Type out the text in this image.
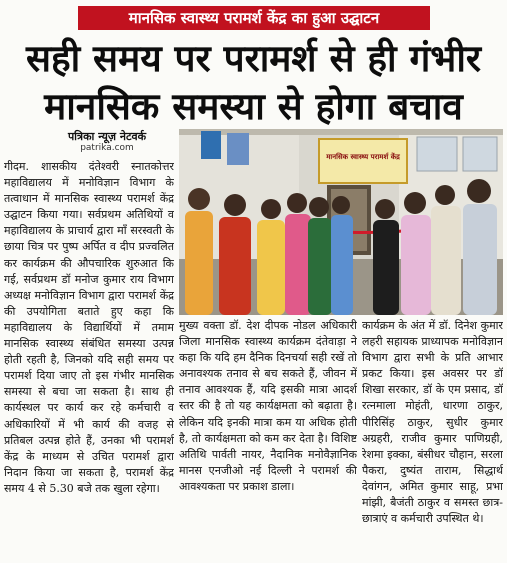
मानसिक स्वास्थ्य परामर्श केंद्र का हुआ उद्घाटन
सही समय पर परामर्श से ही गंभीर
मानसिक समस्या से होगा बचाव
पत्रिका न्यूज़ नेटवर्क
patrika.com

गीदम. शासकीय दंतेश्वरी स्नातकोत्तर महाविद्यालय में मनोविज्ञान विभाग के तत्वाधान में मानसिक स्वास्थ्य परामर्श केंद्र उद्घाटन किया गया। सर्वप्रथम अतिथियों व महाविद्यालय के प्राचार्य द्वारा माँ सरस्वती के छाया चित्र पर पुष्प अर्पित व दीप प्रज्वलित कर कार्यक्रम की औपचारिक शुरुआत कि गई, सर्वप्रथम डॉ मनोज कुमार राय विभाग अध्यक्ष मनोविज्ञान विभाग द्वारा परामर्श केंद्र की उपयोगिता बताते हुए कहा कि महाविद्यालय के विद्यार्थियों में तमाम मानसिक स्वास्थ्य संबंधित समस्या उत्पन्न होती रहती है, जिनको यदि सही समय पर परामर्श दिया जाए तो इस गंभीर मानसिक समस्या से बचा जा सकता है। साथ ही कार्यस्थल पर कार्य कर रहे कर्मचारी व अधिकारियों में भी कार्य की वजह से प्रतिबल उत्पन्न होते हैं, उनका भी परामर्श केंद्र के माध्यम से उचित परामर्श द्वारा निदान किया जा सकता है, परामर्श केंद्र समय 4 से 5.30 बजे तक खुला रहेगा।

मानसिक स्वास्थ्य परामर्श केंद्र

मुख्य वक्ता डॉ. देश दीपक नोडल अधिकारी जिला मानसिक स्वास्थ्य कार्यक्रम दंतेवाड़ा ने कहा कि यदि हम दैनिक दिनचर्या सही रखें तो अनावश्यक तनाव से बच सकते हैं, जीवन में तनाव आवश्यक हैं, यदि इसकी मात्रा आदर्श स्तर की है तो यह कार्यक्षमता को बढ़ाता है। लेकिन यदि इनकी मात्रा कम या अधिक होती है, तो कार्यक्षमता को कम कर देता है। विशिष्ट अतिथि पार्वती नायर, नैदानिक मनोवैज्ञानिक मानस एनजीओ नई दिल्ली ने परामर्श की आवश्यकता पर प्रकाश डाला।

कार्यक्रम के अंत में डॉ. दिनेश कुमार लहरी सहायक प्राध्यापक मनोविज्ञान विभाग द्वारा सभी के प्रति आभार प्रकट किया। इस अवसर पर डॉ शिखा सरकार, डॉ के एम प्रसाद, डॉ रत्नमाला मोहंती, धारणा ठाकुर, पीरिसिंह ठाकुर, सुधीर कुमार अग्रहरी, राजीव कुमार पाणिग्रही, रेशमा इक्का, बंसीधर चौहान, सरला पैकरा, दुष्यंत ताराम, सिद्धार्थ देवांगन, अमित कुमार साहू, प्रभा मांझी, बैजंती ठाकुर व समस्त छात्र-छात्राएं व कर्मचारी उपस्थित थे।
